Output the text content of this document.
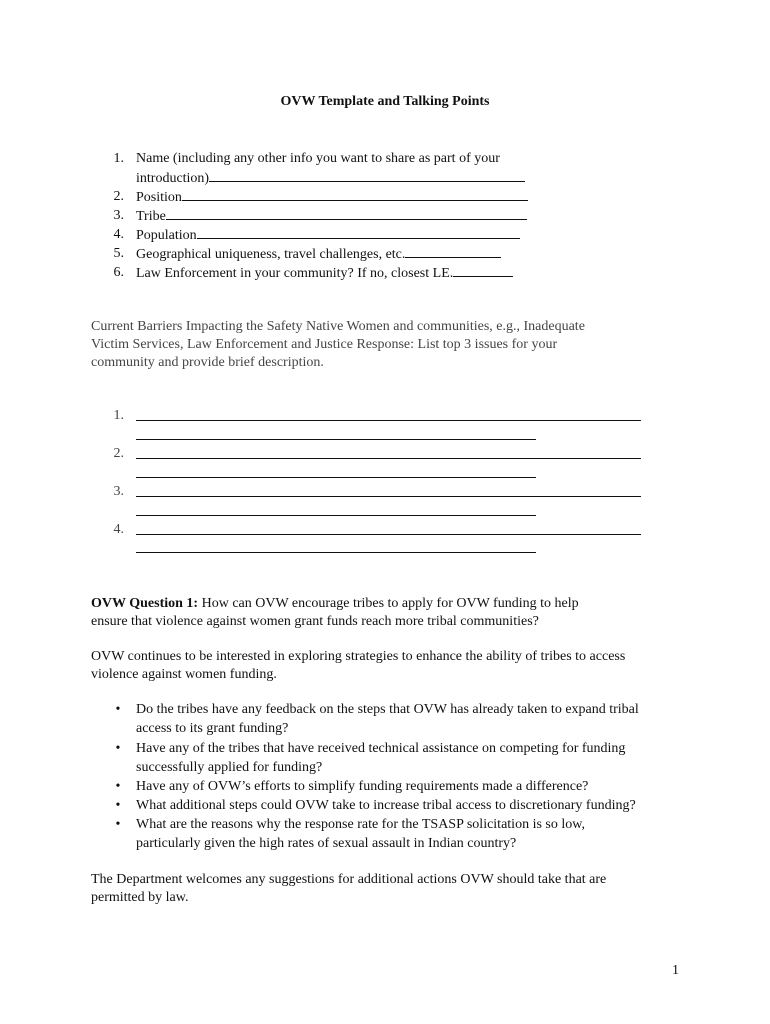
OVW Template and Talking Points
1. Name (including any other info you want to share as part of your
introduction)
2. Position
3. Tribe
4. Population
5. Geographical uniqueness, travel challenges, etc.
6. Law Enforcement in your community? If no, closest LE.
Current Barriers Impacting the Safety Native Women and communities, e.g., Inadequate
Victim Services, Law Enforcement and Justice Response: List top 3 issues for your
community and provide brief description.
1.
2.
3.
4.
OVW Question 1: How can OVW encourage tribes to apply for OVW funding to help
ensure that violence against women grant funds reach more tribal communities?
OVW continues to be interested in exploring strategies to enhance the ability of tribes to access
violence against women funding.
• Do the tribes have any feedback on the steps that OVW has already taken to expand tribal
access to its grant funding?
• Have any of the tribes that have received technical assistance on competing for funding
successfully applied for funding?
• Have any of OVW’s efforts to simplify funding requirements made a difference?
• What additional steps could OVW take to increase tribal access to discretionary funding?
• What are the reasons why the response rate for the TSASP solicitation is so low,
particularly given the high rates of sexual assault in Indian country?
The Department welcomes any suggestions for additional actions OVW should take that are
permitted by law.
1
